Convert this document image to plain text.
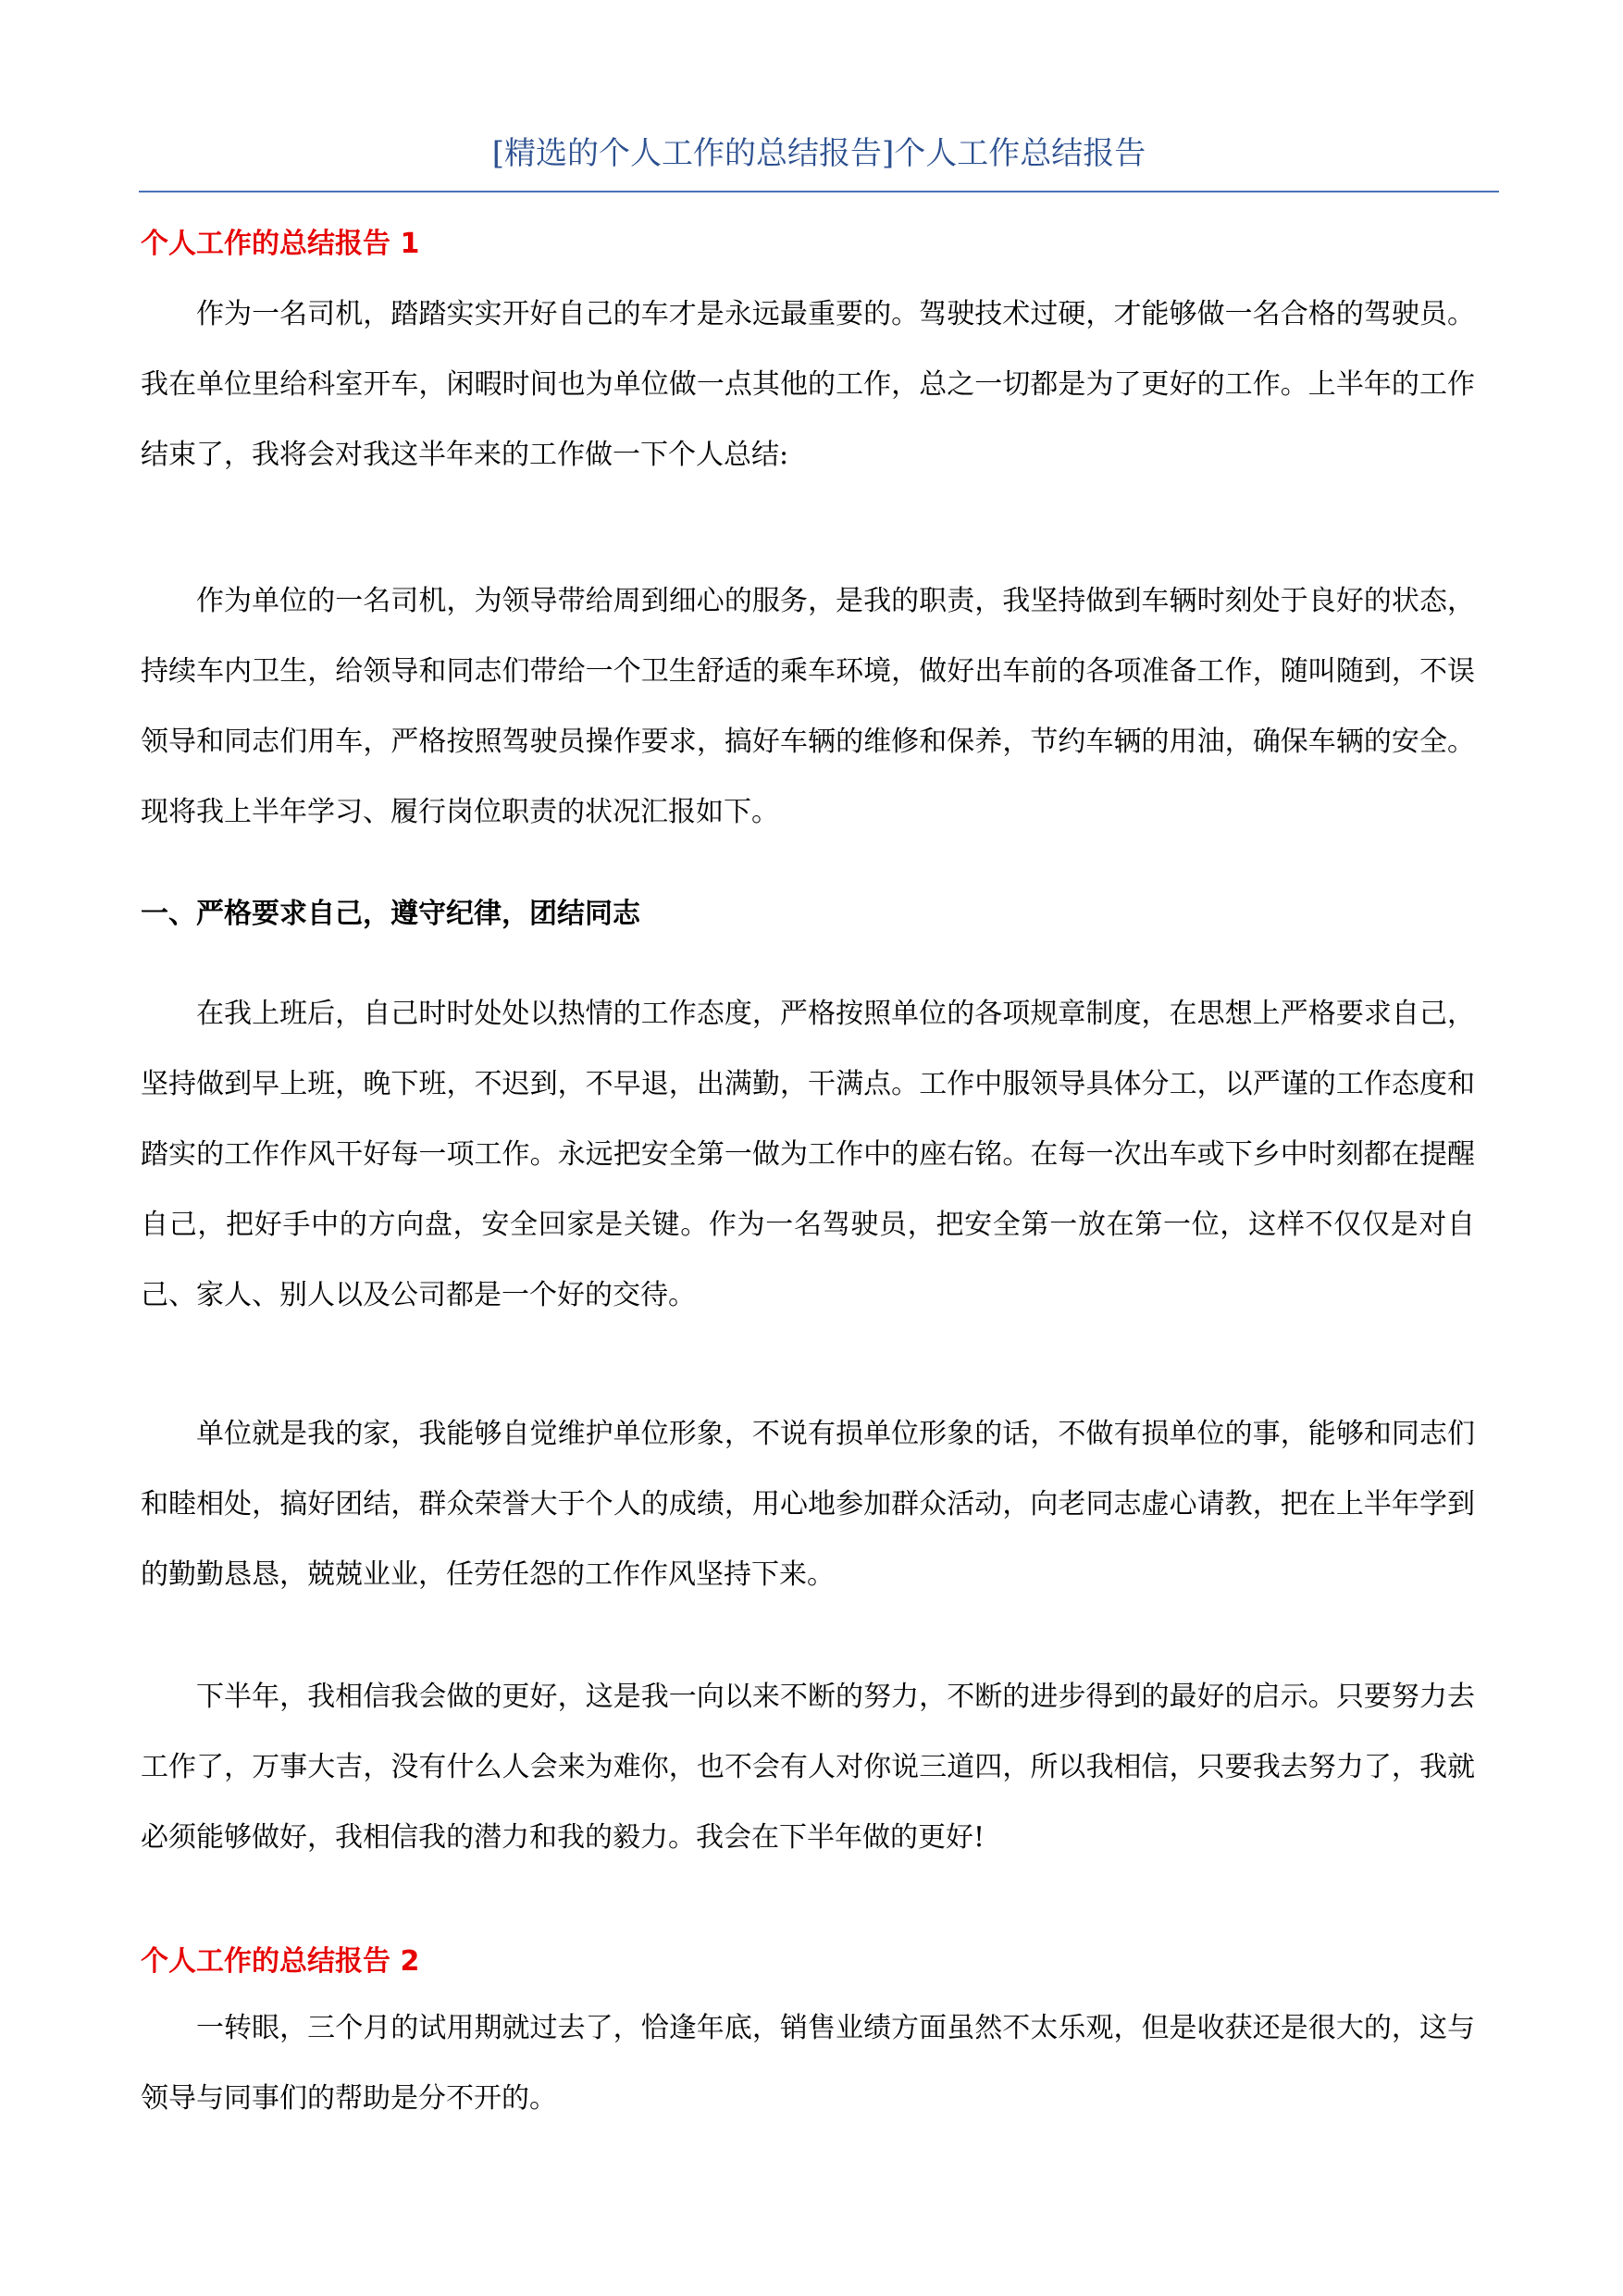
[精选的个人工作的总结报告]个人工作总结报告
个人工作的总结报告 1

作为一名司机，踏踏实实开好自己的车才是永远最重要的。驾驶技术过硬，才能够做一名合格的驾驶员。我在单位里给科室开车，闲暇时间也为单位做一点其他的工作，总之一切都是为了更好的工作。上半年的工作结束了，我将会对我这半年来的工作做一下个人总结:

作为单位的一名司机，为领导带给周到细心的服务，是我的职责，我坚持做到车辆时刻处于良好的状态，持续车内卫生，给领导和同志们带给一个卫生舒适的乘车环境，做好出车前的各项准备工作，随叫随到，不误领导和同志们用车，严格按照驾驶员操作要求，搞好车辆的维修和保养，节约车辆的用油，确保车辆的安全。现将我上半年学习、履行岗位职责的状况汇报如下。

一、严格要求自己，遵守纪律，团结同志

在我上班后，自己时时处处以热情的工作态度，严格按照单位的各项规章制度，在思想上严格要求自己，坚持做到早上班，晚下班，不迟到，不早退，出满勤，干满点。工作中服领导具体分工，以严谨的工作态度和踏实的工作作风干好每一项工作。永远把安全第一做为工作中的座右铭。在每一次出车或下乡中时刻都在提醒自己，把好手中的方向盘，安全回家是关键。作为一名驾驶员，把安全第一放在第一位，这样不仅仅是对自己、家人、别人以及公司都是一个好的交待。

单位就是我的家，我能够自觉维护单位形象，不说有损单位形象的话，不做有损单位的事，能够和同志们和睦相处，搞好团结，群众荣誉大于个人的成绩，用心地参加群众活动，向老同志虚心请教，把在上半年学到的勤勤恳恳，兢兢业业，任劳任怨的工作作风坚持下来。

下半年，我相信我会做的更好，这是我一向以来不断的努力，不断的进步得到的最好的启示。只要努力去工作了，万事大吉，没有什么人会来为难你，也不会有人对你说三道四，所以我相信，只要我去努力了，我就必须能够做好，我相信我的潜力和我的毅力。我会在下半年做的更好!

个人工作的总结报告 2

一转眼，三个月的试用期就过去了，恰逢年底，销售业绩方面虽然不太乐观，但是收获还是很大的，这与领导与同事们的帮助是分不开的。
